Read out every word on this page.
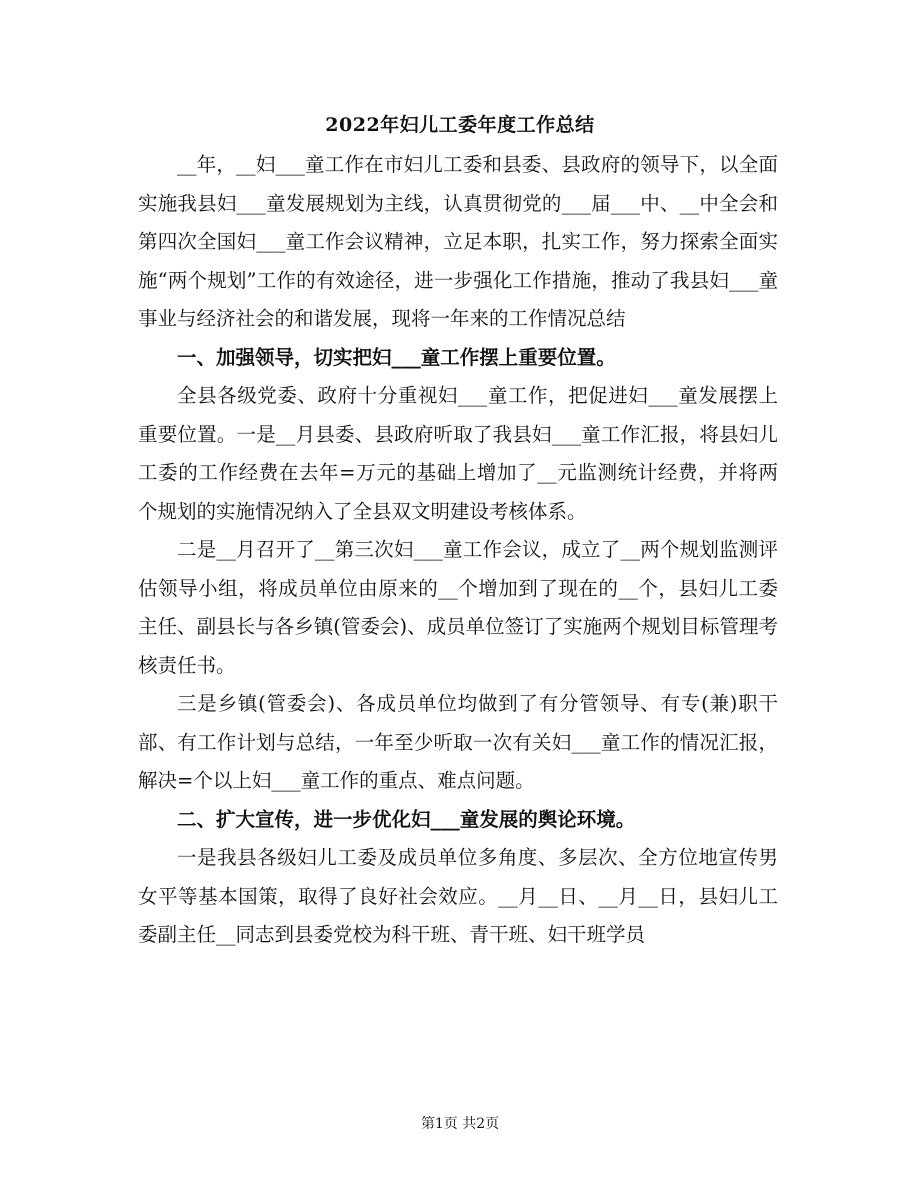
2022年妇儿工委年度工作总结

__年，__妇___童工作在市妇儿工委和县委、县政府的领导下，以全面实施我县妇___童发展规划为主线，认真贯彻党的___届___中、__中全会和第四次全国妇___童工作会议精神，立足本职，扎实工作，努力探索全面实施“两个规划”工作的有效途径，进一步强化工作措施，推动了我县妇___童事业与经济社会的和谐发展，现将一年来的工作情况总结

一、加强领导，切实把妇___童工作摆上重要位置。

全县各级党委、政府十分重视妇___童工作，把促进妇___童发展摆上重要位置。一是__月县委、县政府听取了我县妇___童工作汇报，将县妇儿工委的工作经费在去年=万元的基础上增加了__元监测统计经费，并将两个规划的实施情况纳入了全县双文明建设考核体系。

二是__月召开了__第三次妇___童工作会议，成立了__两个规划监测评估领导小组，将成员单位由原来的__个增加到了现在的__个，县妇儿工委主任、副县长与各乡镇(管委会)、成员单位签订了实施两个规划目标管理考核责任书。

三是乡镇(管委会)、各成员单位均做到了有分管领导、有专(兼)职干部、有工作计划与总结，一年至少听取一次有关妇___童工作的情况汇报，解决=个以上妇___童工作的重点、难点问题。

二、扩大宣传，进一步优化妇___童发展的舆论环境。

一是我县各级妇儿工委及成员单位多角度、多层次、全方位地宣传男女平等基本国策，取得了良好社会效应。__月__日、__月__日，县妇儿工委副主任__同志到县委党校为科干班、青干班、妇干班学员

第1页 共2页
